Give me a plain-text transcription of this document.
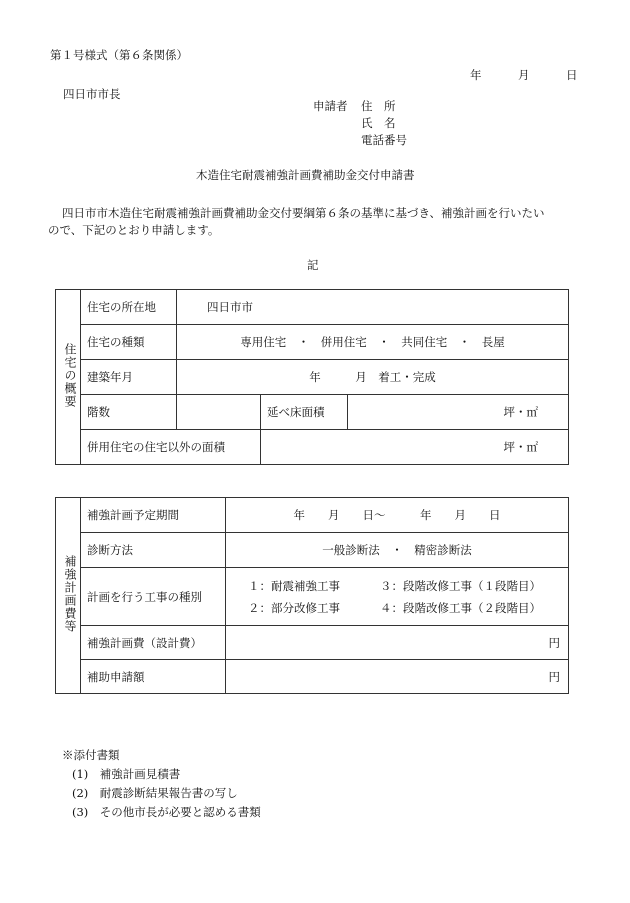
第１号様式（第６条関係）
年	月	日
四日市市長
申請者 住　所
氏　名
電話番号
木造住宅耐震補強計画費補助金交付申請書
四日市市木造住宅耐震補強計画費補助金交付要綱第６条の基準に基づき、補強計画を行いたい
ので、下記のとおり申請します。
記
住宅の概要	住宅の所在地	四日市市		
	住宅の種類	専用住宅　・　併用住宅　・　共同住宅　・　長屋		
	建築年月	年　　　月　着工・完成		
	階数		延べ床面積	坪・㎡
	併用住宅の住宅以外の面積		坪・㎡	
補強計画費等	補強計画予定期間	年　　月　　日～　　　年　　月　　日
	診断方法	一般診断法　・　精密診断法
	計画を行う工事の種別	１：耐震補強工事
２：部分改修工事
３：段階改修工事（１段階目）
４：段階改修工事（２段階目）

	補強計画費（設計費）	円
	補助申請額	円
※添付書類
(1)　補強計画見積書
(2)　耐震診断結果報告書の写し
(3)　その他市長が必要と認める書類
